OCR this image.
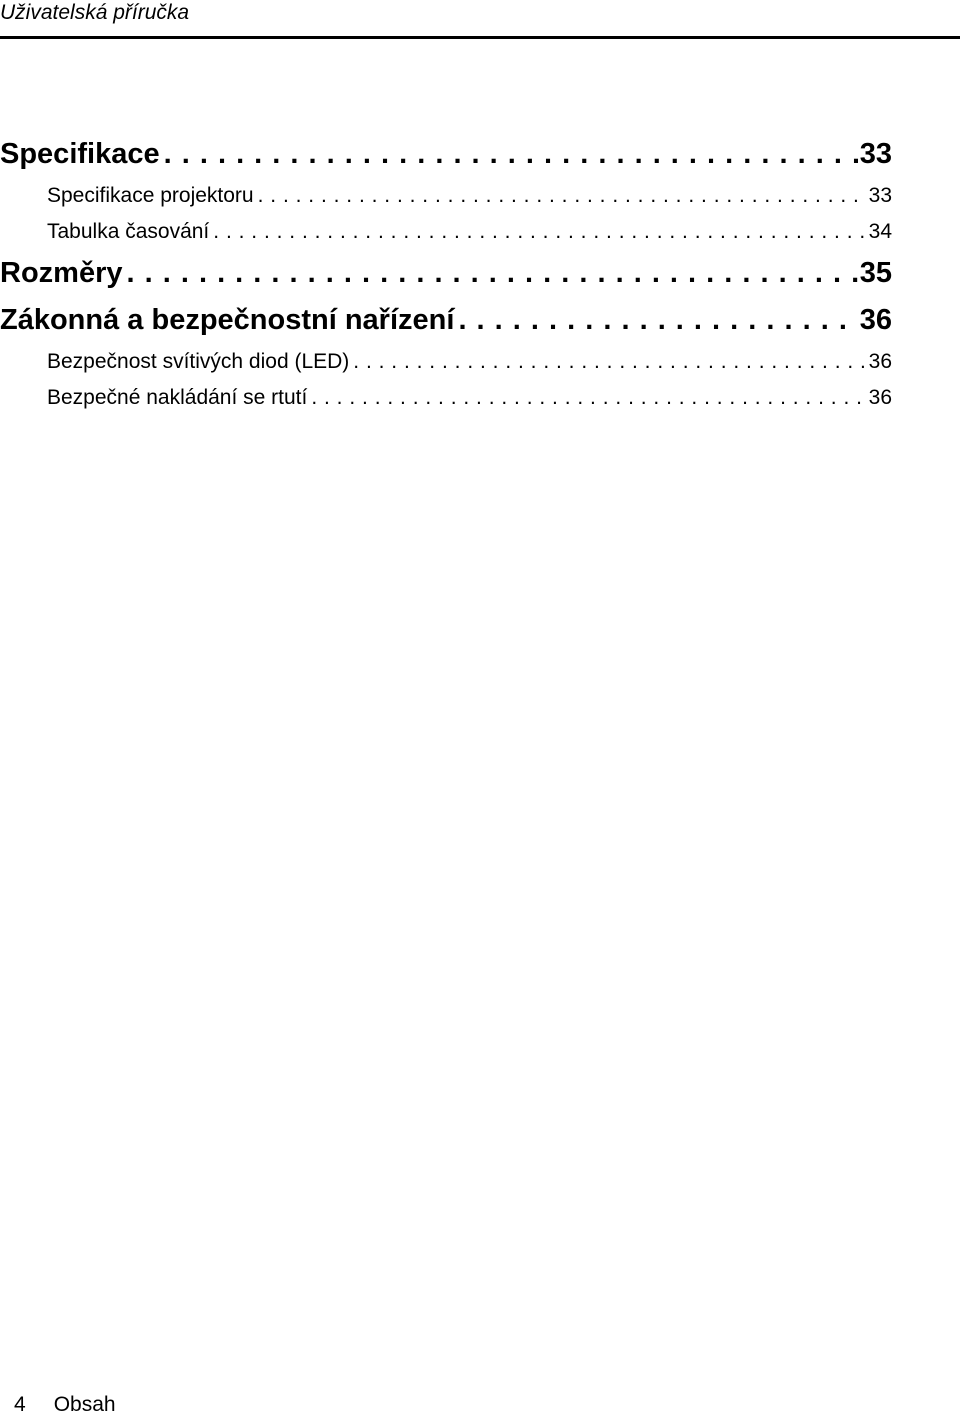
Uživatelská příručka
Specifikace . . .	33
Specifikace projektoru . . .	33
Tabulka časování . . .	34
Rozměry . . .	35
Zákonná a bezpečnostní nařízení . . .	36
Bezpečnost svítivých diod (LED) . . .	36
Bezpečné nakládání se rtutí . . .	36
4 Obsah
